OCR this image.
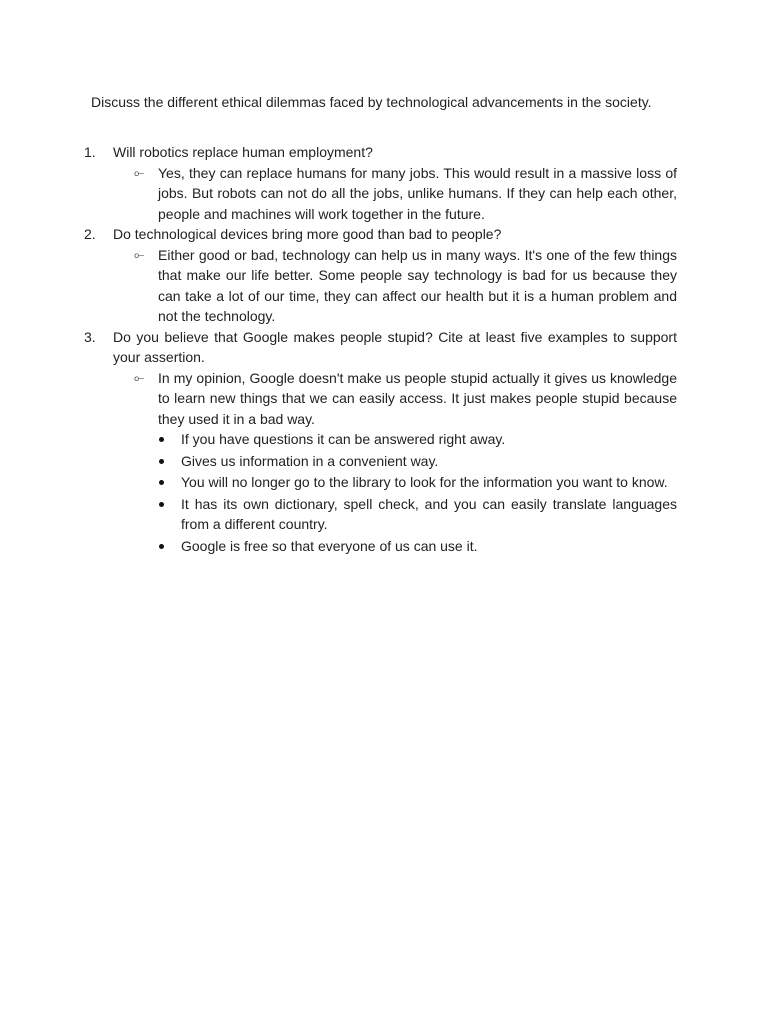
Discuss the different ethical dilemmas faced by technological advancements in the society.

1.	Will robotics replace human employment?
⟜ Yes, they can replace humans for many jobs. This would result in a massive loss of jobs. But robots can not do all the jobs, unlike humans. If they can help each other, people and machines will work together in the future.
2.	Do technological devices bring more good than bad to people?
⟜ Either good or bad, technology can help us in many ways. It's one of the few things that make our life better. Some people say technology is bad for us because they can take a lot of our time, they can affect our health but it is a human problem and not the technology.
3.	Do you believe that Google makes people stupid? Cite at least five examples to support your assertion.
⟜ In my opinion, Google doesn't make us people stupid actually it gives us knowledge to learn new things that we can easily access. It just makes people stupid because they used it in a bad way.
If you have questions it can be answered right away.
Gives us information in a convenient way.
You will no longer go to the library to look for the information you want to know.
It has its own dictionary, spell check, and you can easily translate languages from a different country.
Google is free so that everyone of us can use it.
